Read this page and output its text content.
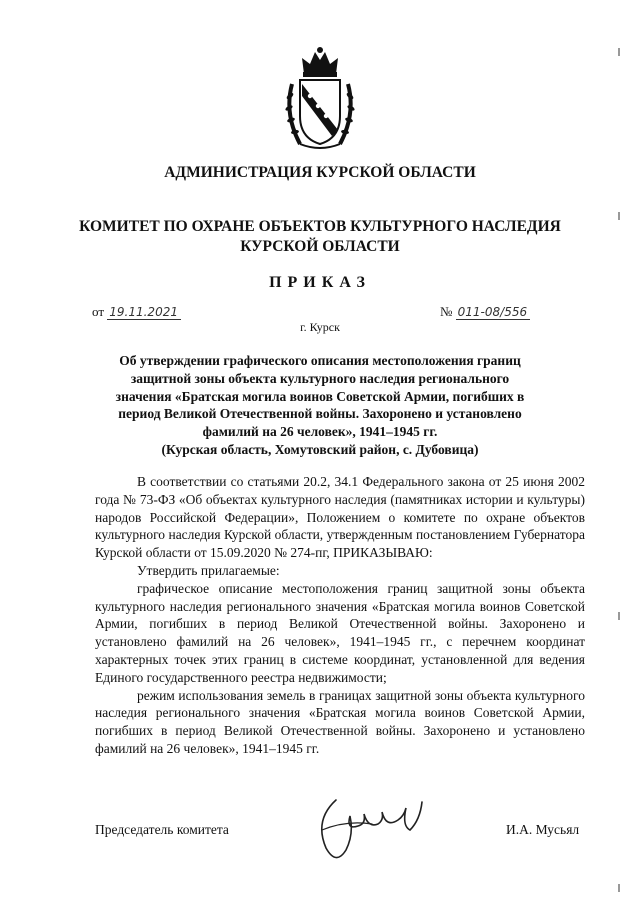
АДМИНИСТРАЦИЯ КУРСКОЙ ОБЛАСТИ
КОМИТЕТ ПО ОХРАНЕ ОБЪЕКТОВ КУЛЬТУРНОГО НАСЛЕДИЯ
КУРСКОЙ ОБЛАСТИ
ПРИКАЗ
от 19.11.2021	№ 011-08/556
г. Курск
Об утверждении графического описания местоположения границ
защитной зоны объекта культурного наследия регионального
значения «Братская могила воинов Советской Армии, погибших в
период Великой Отечественной войны. Захоронено и установлено
фамилий на 26 человек», 1941–1945 гг.
(Курская область, Хомутовский район, с. Дубовица)

В соответствии со статьями 20.2, 34.1 Федерального закона от 25 июня 2002 года № 73-ФЗ «Об объектах культурного наследия (памятниках истории и культуры) народов Российской Федерации», Положением о комитете по охране объектов культурного наследия Курской области, утвержденным постановлением Губернатора Курской области от 15.09.2020 № 274-пг, ПРИКАЗЫВАЮ:

Утвердить прилагаемые:

графическое описание местоположения границ защитной зоны объекта культурного наследия регионального значения «Братская могила воинов Советской Армии, погибших в период Великой Отечественной войны. Захоронено и установлено фамилий на 26 человек», 1941–1945 гг., с перечнем координат характерных точек этих границ в системе координат, установленной для ведения Единого государственного реестра недвижимости;

режим использования земель в границах защитной зоны объекта культурного наследия регионального значения «Братская могила воинов Советской Армии, погибших в период Великой Отечественной войны. Захоронено и установлено фамилий на 26 человек», 1941–1945 гг.

Председатель комитета	И.А. Мусьял
